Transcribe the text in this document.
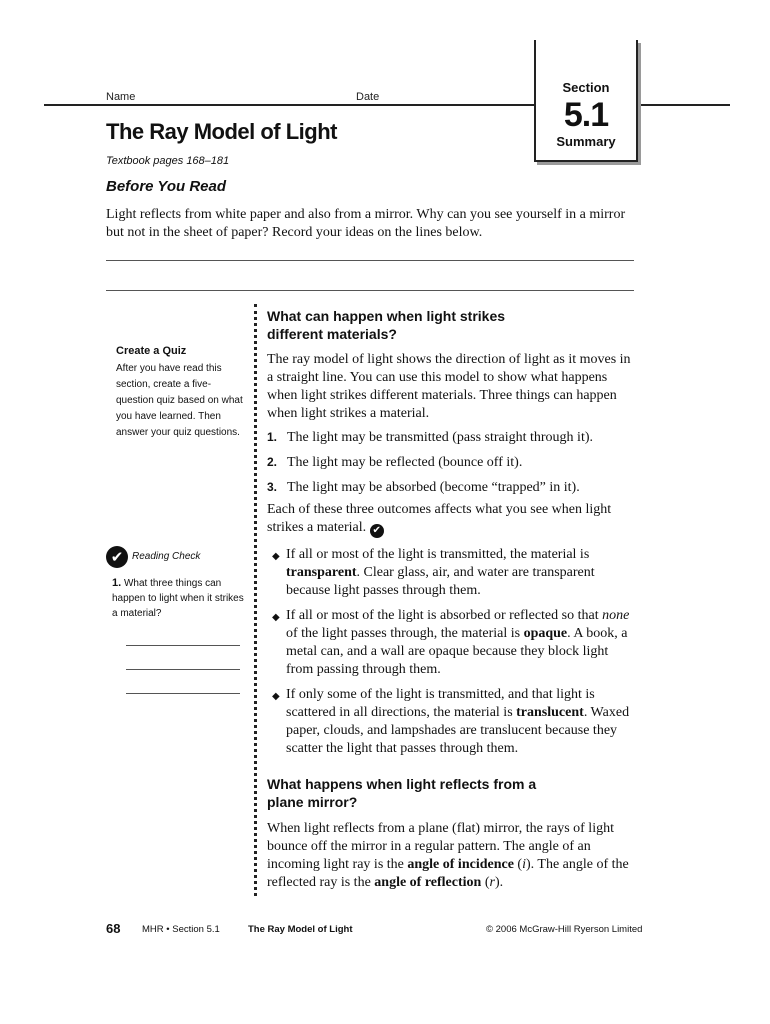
Name	Date
Section
5.1
Summary
The Ray Model of Light
Textbook pages 168–181
Before You Read
Light reflects from white paper and also from a mirror. Why can you see yourself in a mirror but not in the sheet of paper? Record your ideas on the lines below.
Create a Quiz
After you have read this section, create a five-question quiz based on what you have learned. Then answer your quiz questions.
✔ Reading Check
1. What three things can happen to light when it strikes a material?
What can happen when light strikes
different materials?
The ray model of light shows the direction of light as it moves in a straight line. You can use this model to show what happens when light strikes different materials. Three things can happen when light strikes a material.
1. The light may be transmitted (pass straight through it).
2. The light may be reflected (bounce off it).
3. The light may be absorbed (become “trapped” in it).
Each of these three outcomes affects what you see when light strikes a material. ✔
◆ If all or most of the light is transmitted, the material is transparent. Clear glass, air, and water are transparent because light passes through them.
◆ If all or most of the light is absorbed or reflected so that none of the light passes through, the material is opaque. A book, a metal can, and a wall are opaque because they block light from passing through them.
◆ If only some of the light is transmitted, and that light is scattered in all directions, the material is translucent. Waxed paper, clouds, and lampshades are translucent because they scatter the light that passes through them.
What happens when light reflects from a
plane mirror?
When light reflects from a plane (flat) mirror, the rays of light bounce off the mirror in a regular pattern. The angle of an incoming light ray is the angle of incidence (i). The angle of the reflected ray is the angle of reflection (r).
68 MHR • Section 5.1	The Ray Model of Light	© 2006 McGraw-Hill Ryerson Limited
